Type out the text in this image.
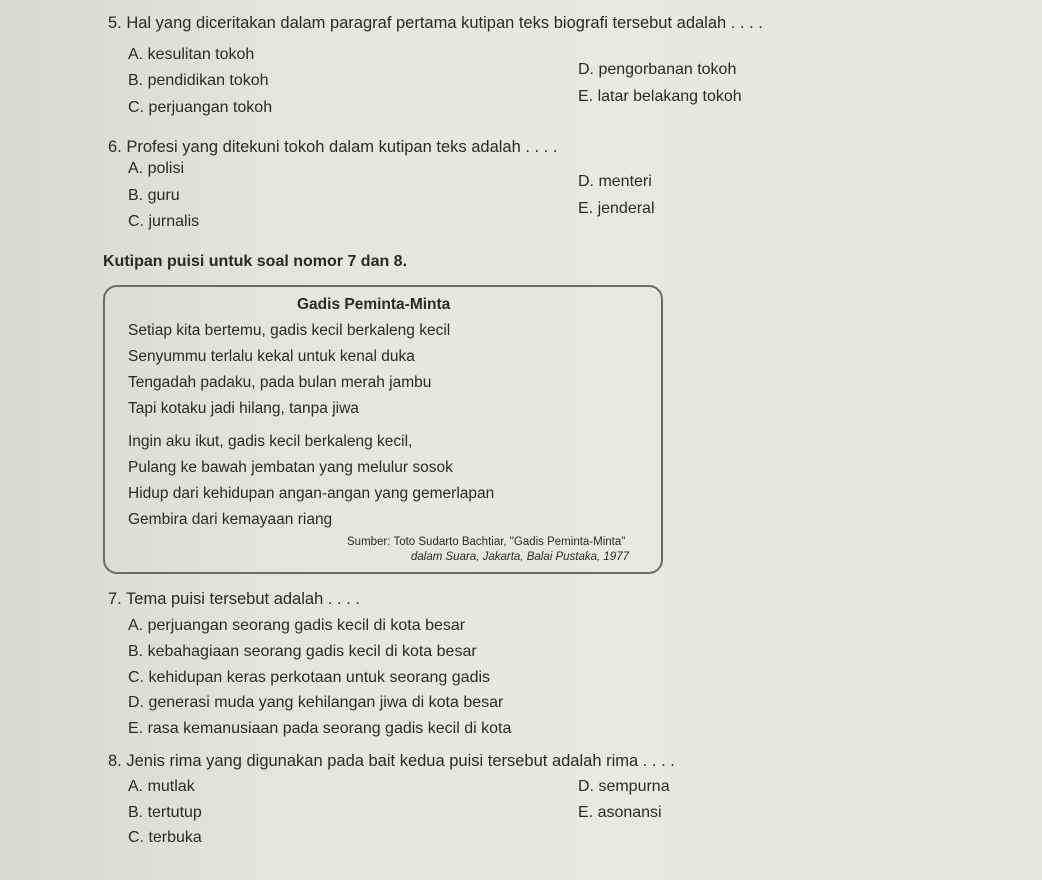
5. Hal yang diceritakan dalam paragraf pertama kutipan teks biografi tersebut adalah . . . .
A. kesulitan tokoh
B. pendidikan tokoh
C. perjuangan tokoh
D. pengorbanan tokoh
E. latar belakang tokoh
6. Profesi yang ditekuni tokoh dalam kutipan teks adalah . . . .
A. polisi
B. guru
C. jurnalis
D. menteri
E. jenderal
Kutipan puisi untuk soal nomor 7 dan 8.
Gadis Peminta-Minta
Setiap kita bertemu, gadis kecil berkaleng kecil
Senyummu terlalu kekal untuk kenal duka
Tengadah padaku, pada bulan merah jambu
Tapi kotaku jadi hilang, tanpa jiwa
Ingin aku ikut, gadis kecil berkaleng kecil,
Pulang ke bawah jembatan yang melulur sosok
Hidup dari kehidupan angan-angan yang gemerlapan
Gembira dari kemayaan riang
Sumber: Toto Sudarto Bachtiar, "Gadis Peminta-Minta"
dalam Suara, Jakarta, Balai Pustaka, 1977
7. Tema puisi tersebut adalah . . . .
A. perjuangan seorang gadis kecil di kota besar
B. kebahagiaan seorang gadis kecil di kota besar
C. kehidupan keras perkotaan untuk seorang gadis
D. generasi muda yang kehilangan jiwa di kota besar
E. rasa kemanusiaan pada seorang gadis kecil di kota
8. Jenis rima yang digunakan pada bait kedua puisi tersebut adalah rima . . . .
A. mutlak
B. tertutup
C. terbuka
D. sempurna
E. asonansi
